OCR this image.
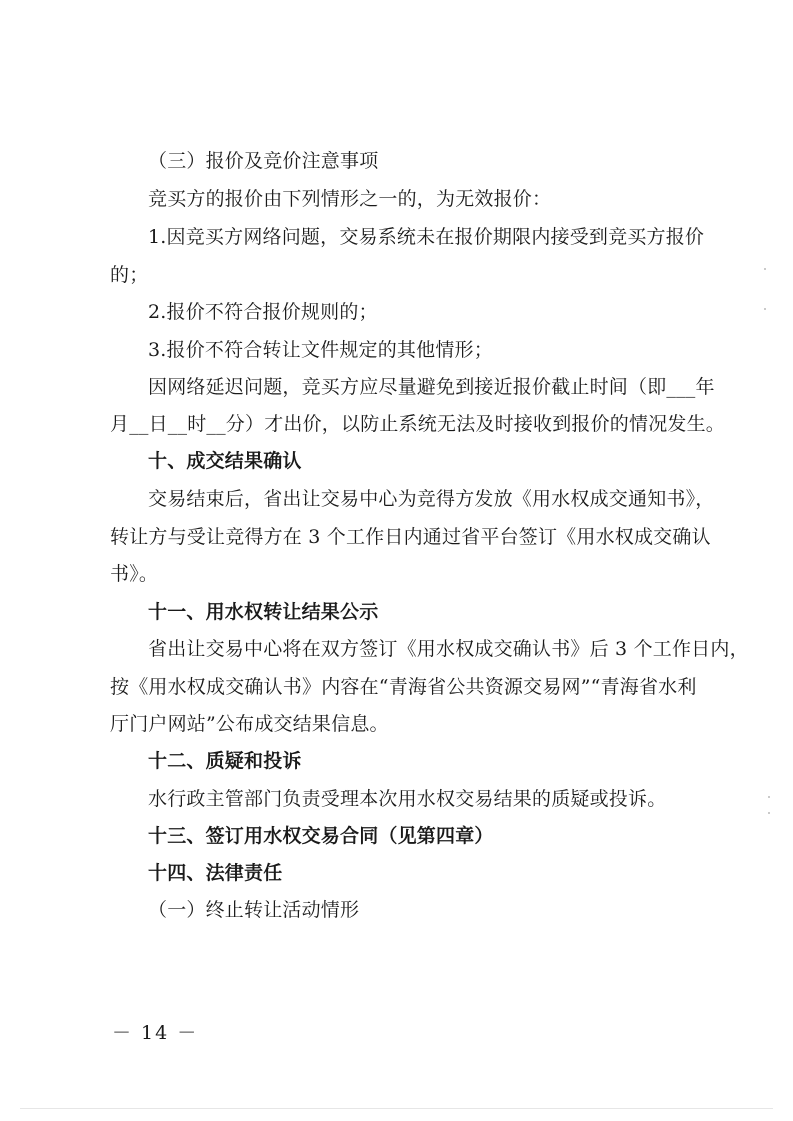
（三）报价及竞价注意事项
竞买方的报价由下列情形之一的，为无效报价：
1.因竞买方网络问题，交易系统未在报价期限内接受到竞买方报价
的；
2.报价不符合报价规则的；
3.报价不符合转让文件规定的其他情形；
因网络延迟问题，竞买方应尽量避免到接近报价截止时间（即___年
月__日__时__分）才出价，以防止系统无法及时接收到报价的情况发生。
十、成交结果确认
交易结束后，省出让交易中心为竞得方发放《用水权成交通知书》，
转让方与受让竞得方在 3 个工作日内通过省平台签订《用水权成交确认
书》。
十一、用水权转让结果公示
省出让交易中心将在双方签订《用水权成交确认书》后 3 个工作日内，
按《用水权成交确认书》内容在“青海省公共资源交易网”“青海省水利
厅门户网站”公布成交结果信息。
十二、质疑和投诉
水行政主管部门负责受理本次用水权交易结果的质疑或投诉。
十三、签订用水权交易合同（见第四章）
十四、法律责任
（一）终止转让活动情形
－ 14 －
